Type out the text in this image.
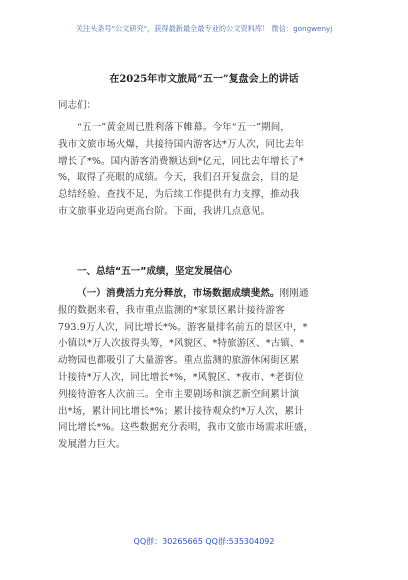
关注头条号"公文研究"，获得最新最全最专业的公文资料库！ 微信：gongwenyj
在2025年市文旅局“五一”复盘会上的讲话
同志们：
“五一”黄金周已胜利落下帷幕。今年“五一”期间，
我市文旅市场火爆，共接待国内游客达*万人次，同比去年
增长了*%。国内游客消费额达到*亿元，同比去年增长了*
%，取得了亮眼的成绩。今天，我们召开复盘会，目的是
总结经验、查找不足，为后续工作提供有力支撑，推动我
市文旅事业迈向更高台阶。下面，我讲几点意见。
一、总结“五一”成绩，坚定发展信心
（一）消费活力充分释放，市场数据成绩斐然。刚刚通
报的数据来看，我市重点监测的*家景区累计接待游客
793.9万人次，同比增长*%。游客量排名前五的景区中，*
小镇以*万人次拔得头筹，*风貌区、*特旅游区、*古镇、*
动物园也都吸引了大量游客。重点监测的旅游休闲街区累
计接待*万人次，同比增长*%，*风貌区、*夜市、*老街位
列接待游客人次前三。全市主要剧场和演艺新空间累计演
出*场，累计同比增长*%；累计接待观众约*万人次，累计
同比增长*%。这些数据充分表明，我市文旅市场需求旺盛，
发展潜力巨大。
QQ群：30265665 QQ群:535304092
